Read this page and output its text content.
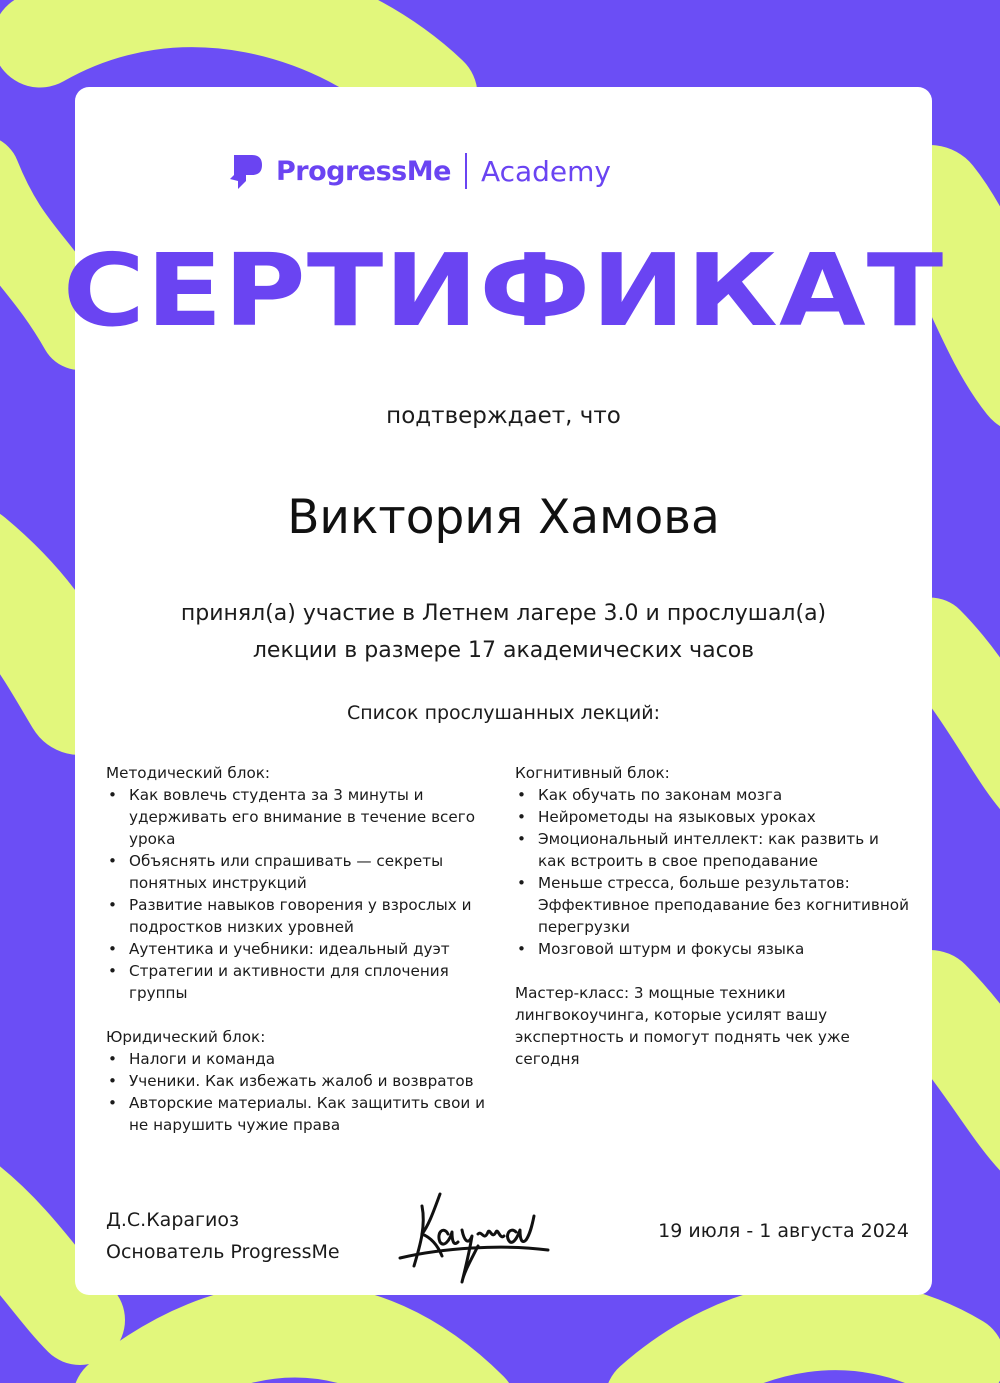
ProgressMe Academy
СЕРТИФИКАТ
подтверждает, что
Виктория Хамова
принял(а) участие в Летнем лагере 3.0 и прослушал(а)
лекции в размере 17 академических часов
Список прослушанных лекций:
Методический блок:
• Как вовлечь студента за 3 минуты и удерживать его внимание в течение всего урока
• Объяснять или спрашивать — секреты понятных инструкций
• Развитие навыков говорения у взрослых и подростков низких уровней
• Аутентика и учебники: идеальный дуэт
• Стратегии и активности для сплочения группы
Юридический блок:
• Налоги и команда
• Ученики. Как избежать жалоб и возвратов
• Авторские материалы. Как защитить свои и не нарушить чужие права
Когнитивный блок:
• Как обучать по законам мозга
• Нейрометоды на языковых уроках
• Эмоциональный интеллект: как развить и как встроить в свое преподавание
• Меньше стресса, больше результатов: Эффективное преподавание без когнитивной перегрузки
• Мозговой штурм и фокусы языка
Мастер-класс: 3 мощные техники лингвокоучинга, которые усилят вашу экспертность и помогут поднять чек уже сегодня
Д.С.Карагиоз
Основатель ProgressMe
19 июля - 1 августа 2024
